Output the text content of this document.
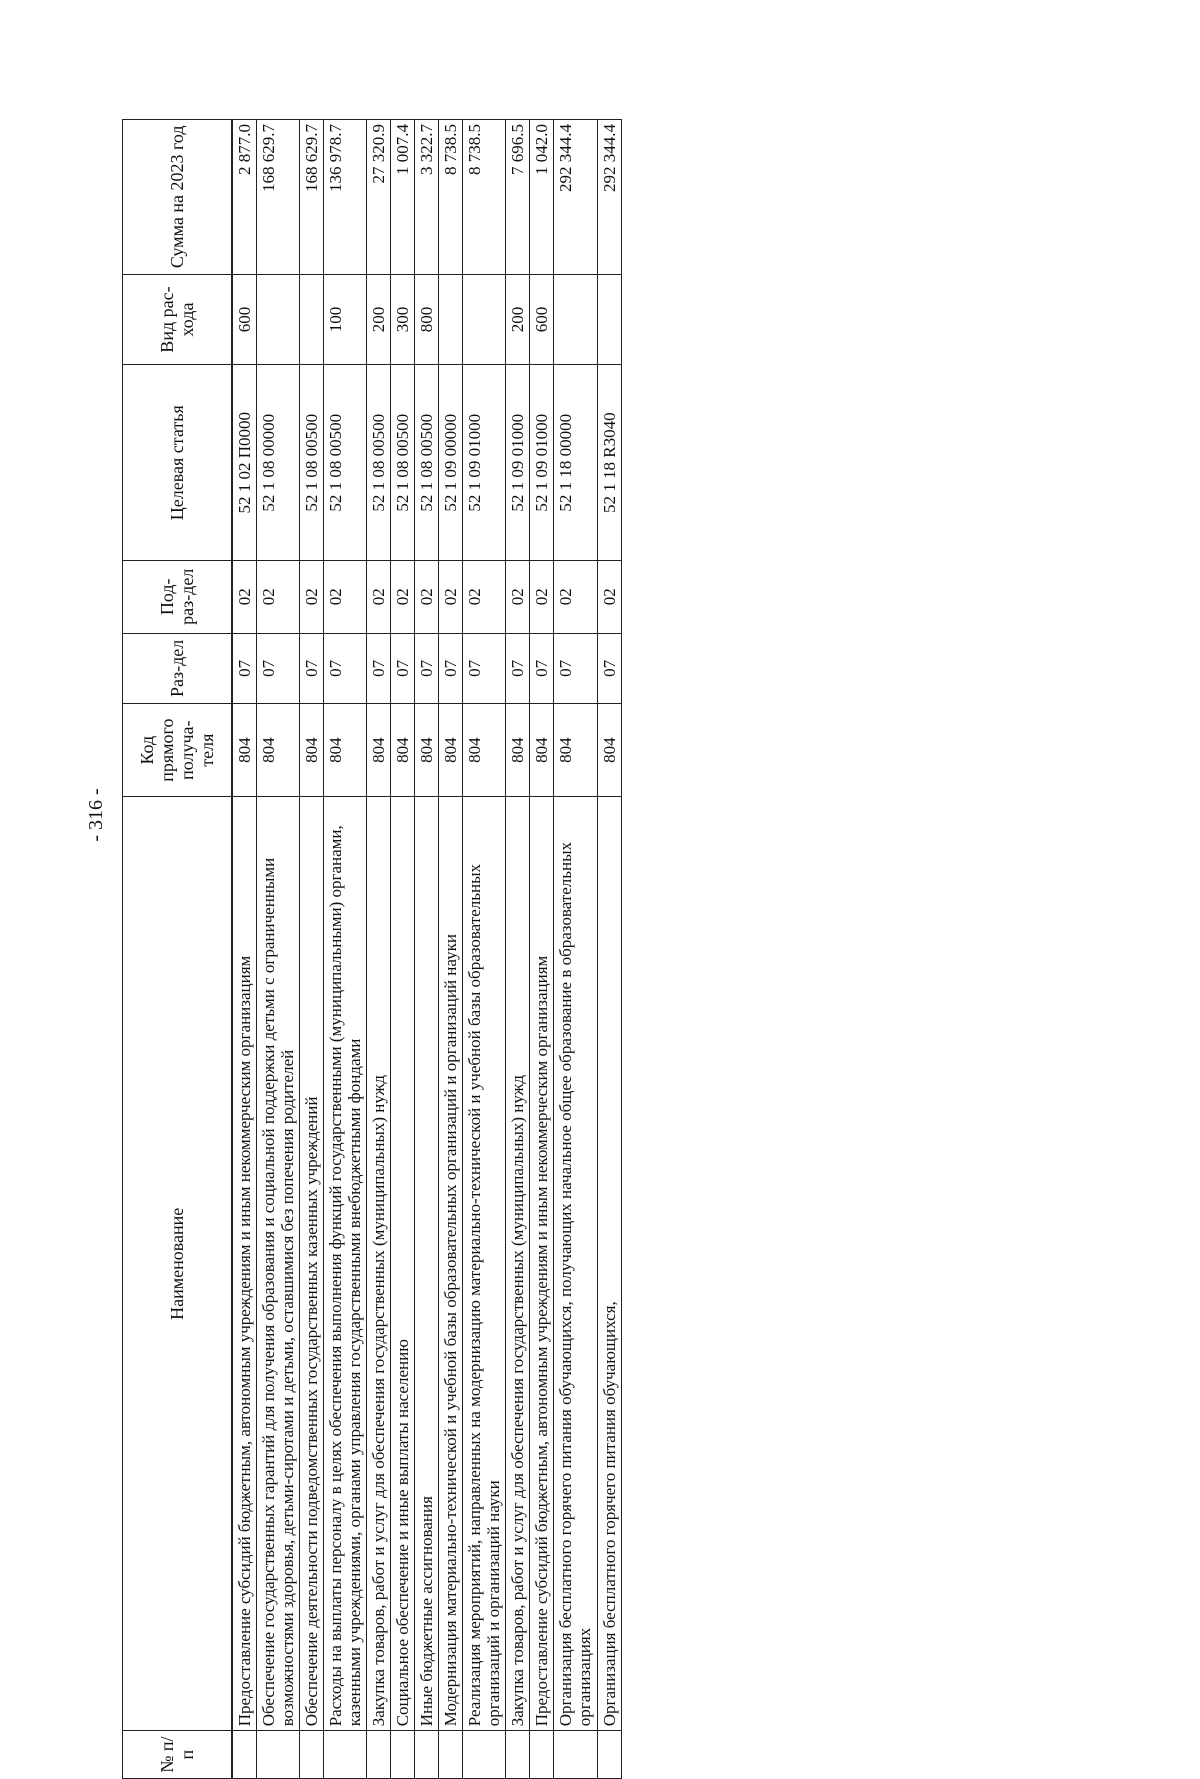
- 316 -
№ п/п	Наименование	Код прямого получа-теля	Раз-дел	Под-раз-дел	Целевая статья	Вид рас-хода	Сумма на 2023 год
	Предоставление субсидий бюджетным, автономным учреждениям и иным некоммерческим организациям	804	07	02	52 1 02 П0000	600	2 877.0
	Обеспечение государственных гарантий для получения образования и социальной поддержки детьми с ограниченными возможностями здоровья, детьми-сиротами и детьми, оставшимися без попечения родителей	804	07	02	52 1 08 00000		168 629.7
	Обеспечение деятельности подведомственных государственных казенных учреждений	804	07	02	52 1 08 00500		168 629.7
	Расходы на выплаты персоналу в целях обеспечения выполнения функций государственными (муниципальными) органами, казенными учреждениями, органами управления государственными внебюджетными фондами	804	07	02	52 1 08 00500	100	136 978.7
	Закупка товаров, работ и услуг для обеспечения государственных (муниципальных) нужд	804	07	02	52 1 08 00500	200	27 320.9
	Социальное обеспечение и иные выплаты населению	804	07	02	52 1 08 00500	300	1 007.4
	Иные бюджетные ассигнования	804	07	02	52 1 08 00500	800	3 322.7
	Модернизация материально-технической и учебной базы образовательных организаций и организаций науки	804	07	02	52 1 09 00000		8 738.5
	Реализация мероприятий, направленных на модернизацию материально-технической и учебной базы образовательных организаций и организаций науки	804	07	02	52 1 09 01000		8 738.5
	Закупка товаров, работ и услуг для обеспечения государственных (муниципальных) нужд	804	07	02	52 1 09 01000	200	7 696.5
	Предоставление субсидий бюджетным, автономным учреждениям и иным некоммерческим организациям	804	07	02	52 1 09 01000	600	1 042.0
	Организация бесплатного горячего питания обучающихся, получающих начальное общее образование в образовательных организациях	804	07	02	52 1 18 00000		292 344.4
	Организация бесплатного горячего питания обучающихся,	804	07	02	52 1 18 R3040		292 344.4
